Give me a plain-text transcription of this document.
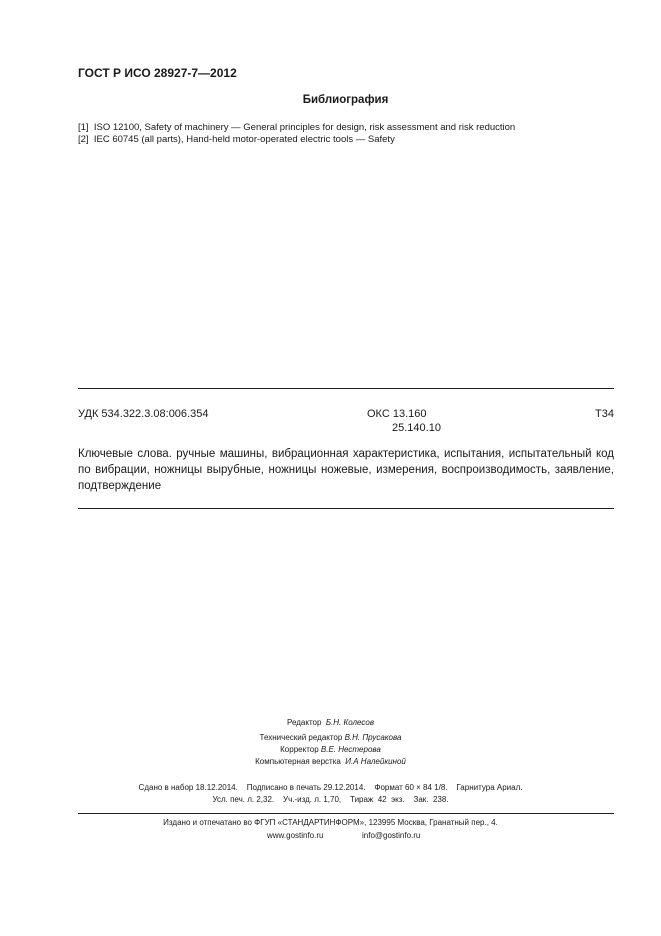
ГОСТ Р ИСО 28927-7—2012
Библиография
[1] ISO 12100, Safety of machinery — General principles for design, risk assessment and risk reduction
[2] IEC 60745 (all parts), Hand-held motor-operated electric tools — Safety
УДК 534.322.3.08:006.354	ОКС 13.160
25.140.10
Т34
Ключевые слова. ручные машины, вибрационная характеристика, испытания, испытательный код по вибрации, ножницы вырубные, ножницы ножевые, измерения, воспроизводимость, заявление, подтверждение
Редактор Б.Н. Колесов
Технический редактор В.Н. Прусакова
Корректор В.Е. Нестерова
Компьютерная верстка И.А Налейкиной
Сдано в набор 18.12.2014.    Подписано в печать 29.12.2014.    Формат 60 × 84 1/8.    Гарнитура Ариал.
Усл. печ. л. 2,32.    Уч.-изд. л. 1,70,    Тираж  42  экз.    Зак.  238.
Издано и отпечатано во ФГУП «СТАНДАРТИНФОРМ», 123995 Москва, Гранатный пер., 4.
www.gostinfo.ru	info@gostinfo.ru
